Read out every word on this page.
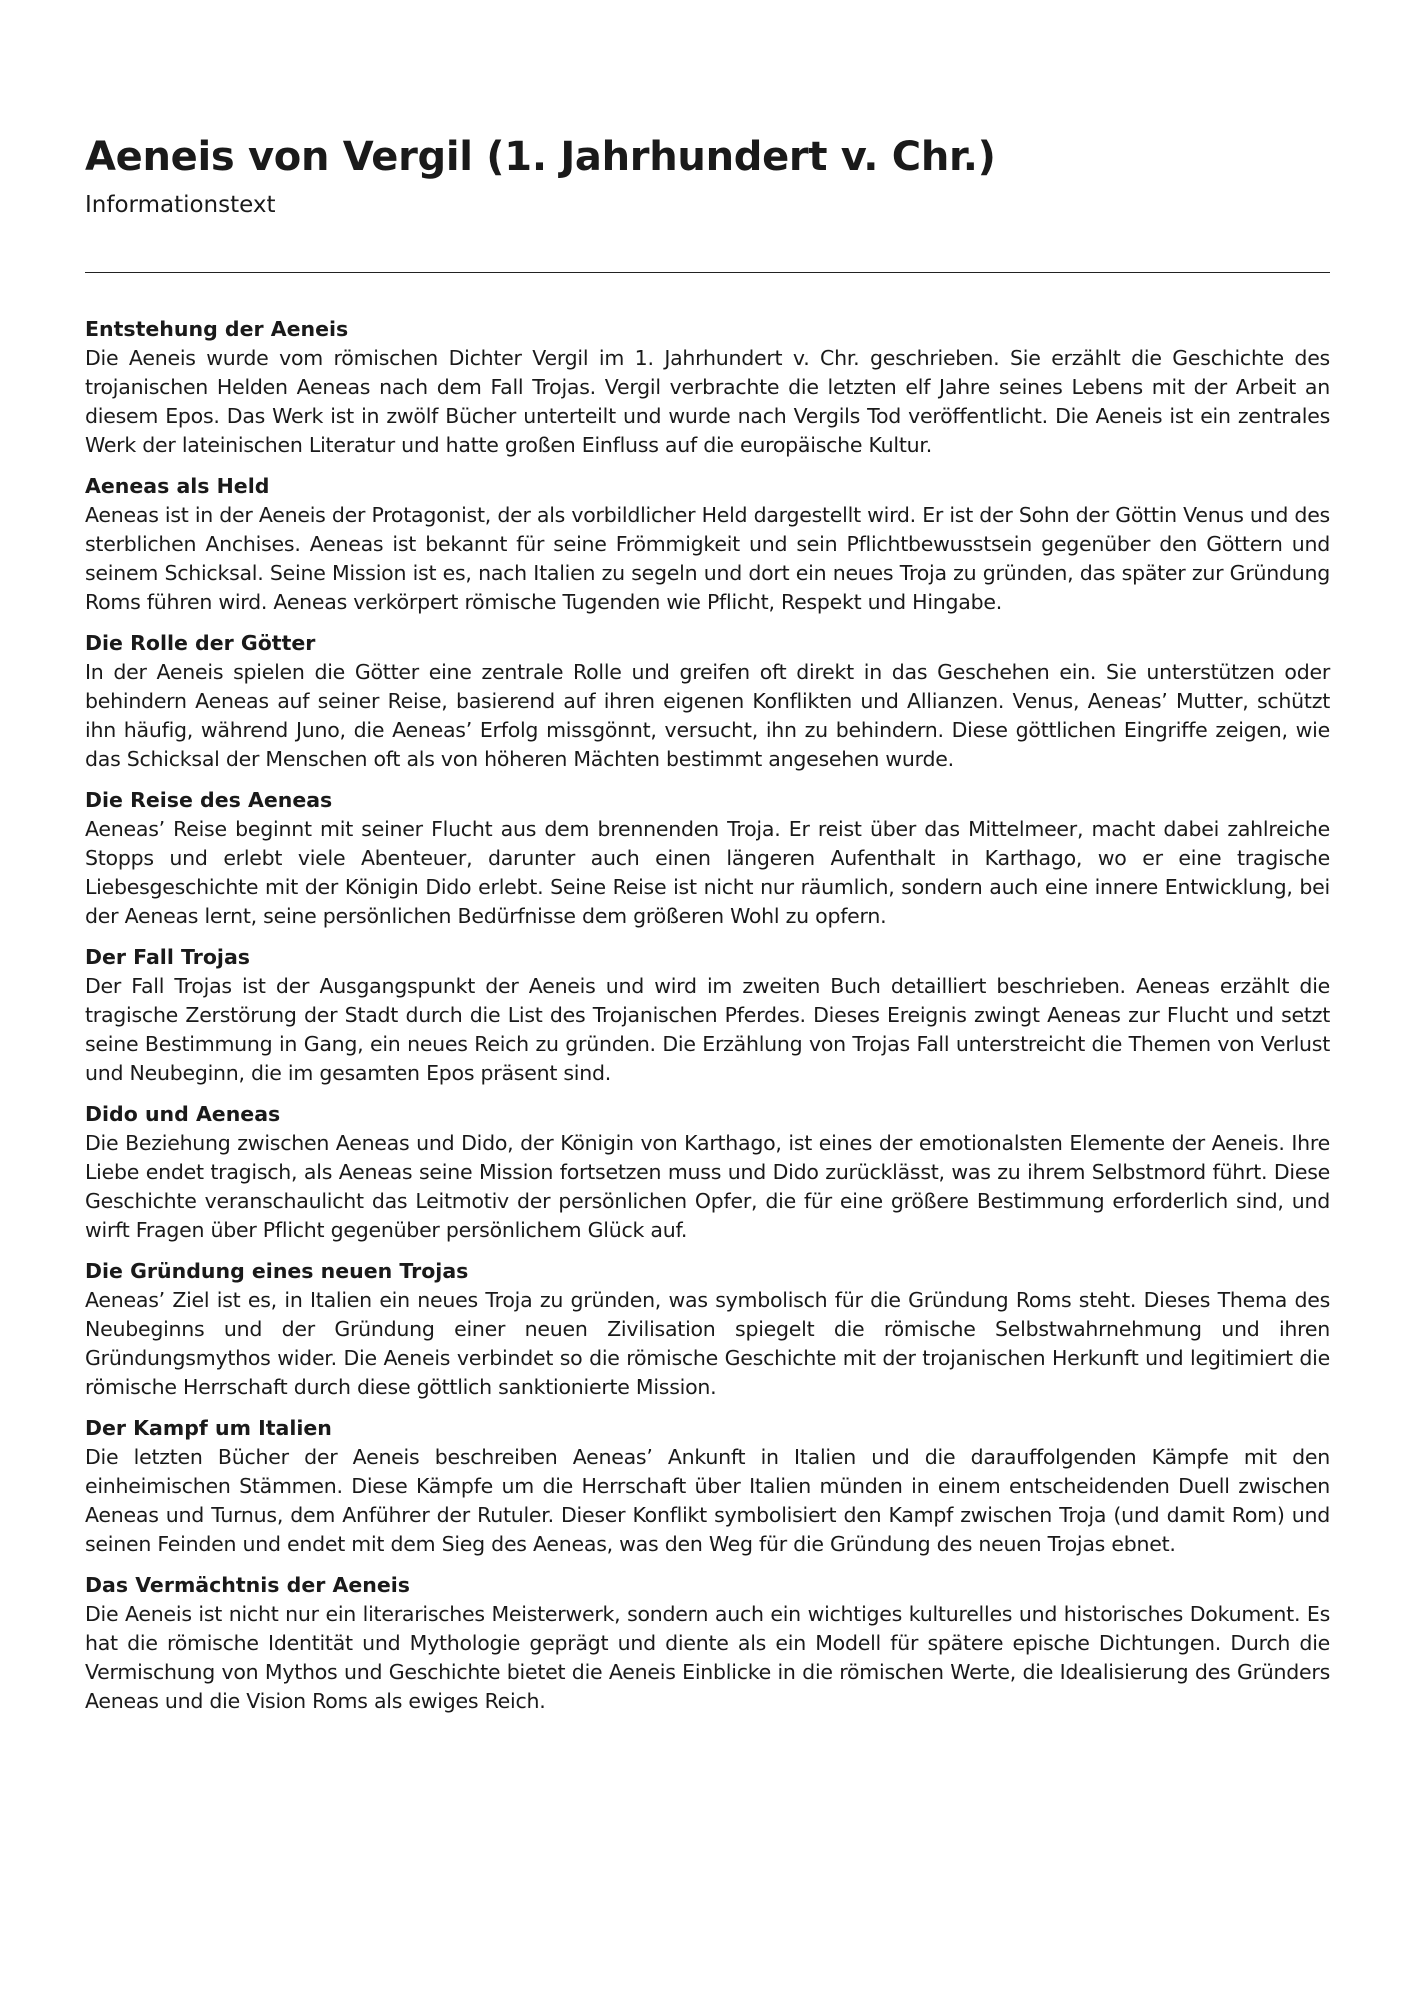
Aeneis von Vergil (1. Jahrhundert v. Chr.)
Informationstext
Entstehung der Aeneis

Die Aeneis wurde vom römischen Dichter Vergil im 1. Jahrhundert v. Chr. geschrieben. Sie erzählt die Geschichte des trojanischen Helden Aeneas nach dem Fall Trojas. Vergil verbrachte die letzten elf Jahre seines Lebens mit der Arbeit an diesem Epos. Das Werk ist in zwölf Bücher unterteilt und wurde nach Vergils Tod veröffentlicht. Die Aeneis ist ein zentrales Werk der lateinischen Literatur und hatte großen Einfluss auf die europäische Kultur.

Aeneas als Held

Aeneas ist in der Aeneis der Protagonist, der als vorbildlicher Held dargestellt wird. Er ist der Sohn der Göttin Venus und des sterblichen Anchises. Aeneas ist bekannt für seine Frömmigkeit und sein Pflichtbewusstsein gegenüber den Göttern und seinem Schicksal. Seine Mission ist es, nach Italien zu segeln und dort ein neues Troja zu gründen, das später zur Gründung Roms führen wird. Aeneas verkörpert römische Tugenden wie Pflicht, Respekt und Hingabe.

Die Rolle der Götter

In der Aeneis spielen die Götter eine zentrale Rolle und greifen oft direkt in das Geschehen ein. Sie unterstützen oder behindern Aeneas auf seiner Reise, basierend auf ihren eigenen Konflikten und Allianzen. Venus, Aeneas’ Mutter, schützt ihn häufig, während Juno, die Aeneas’ Erfolg missgönnt, versucht, ihn zu behindern. Diese göttlichen Eingriffe zeigen, wie das Schicksal der Menschen oft als von höheren Mächten bestimmt angesehen wurde.

Die Reise des Aeneas

Aeneas’ Reise beginnt mit seiner Flucht aus dem brennenden Troja. Er reist über das Mittelmeer, macht dabei zahlreiche Stopps und erlebt viele Abenteuer, darunter auch einen längeren Aufenthalt in Karthago, wo er eine tragische Liebesgeschichte mit der Königin Dido erlebt. Seine Reise ist nicht nur räumlich, sondern auch eine innere Entwicklung, bei der Aeneas lernt, seine persönlichen Bedürfnisse dem größeren Wohl zu opfern.

Der Fall Trojas

Der Fall Trojas ist der Ausgangspunkt der Aeneis und wird im zweiten Buch detailliert beschrieben. Aeneas erzählt die tragische Zerstörung der Stadt durch die List des Trojanischen Pferdes. Dieses Ereignis zwingt Aeneas zur Flucht und setzt seine Bestimmung in Gang, ein neues Reich zu gründen. Die Erzählung von Trojas Fall unterstreicht die Themen von Verlust und Neubeginn, die im gesamten Epos präsent sind.

Dido und Aeneas

Die Beziehung zwischen Aeneas und Dido, der Königin von Karthago, ist eines der emotionalsten Elemente der Aeneis. Ihre Liebe endet tragisch, als Aeneas seine Mission fortsetzen muss und Dido zurücklässt, was zu ihrem Selbstmord führt. Diese Geschichte veranschaulicht das Leitmotiv der persönlichen Opfer, die für eine größere Bestimmung erforderlich sind, und wirft Fragen über Pflicht gegenüber persönlichem Glück auf.

Die Gründung eines neuen Trojas

Aeneas’ Ziel ist es, in Italien ein neues Troja zu gründen, was symbolisch für die Gründung Roms steht. Dieses Thema des Neubeginns und der Gründung einer neuen Zivilisation spiegelt die römische Selbstwahrnehmung und ihren Gründungsmythos wider. Die Aeneis verbindet so die römische Geschichte mit der trojanischen Herkunft und legitimiert die römische Herrschaft durch diese göttlich sanktionierte Mission.

Der Kampf um Italien

Die letzten Bücher der Aeneis beschreiben Aeneas’ Ankunft in Italien und die darauffolgenden Kämpfe mit den einheimischen Stämmen. Diese Kämpfe um die Herrschaft über Italien münden in einem entscheidenden Duell zwischen Aeneas und Turnus, dem Anführer der Rutuler. Dieser Konflikt symbolisiert den Kampf zwischen Troja (und damit Rom) und seinen Feinden und endet mit dem Sieg des Aeneas, was den Weg für die Gründung des neuen Trojas ebnet.

Das Vermächtnis der Aeneis

Die Aeneis ist nicht nur ein literarisches Meisterwerk, sondern auch ein wichtiges kulturelles und historisches Dokument. Es hat die römische Identität und Mythologie geprägt und diente als ein Modell für spätere epische Dichtungen. Durch die Vermischung von Mythos und Geschichte bietet die Aeneis Einblicke in die römischen Werte, die Idealisierung des Gründers Aeneas und die Vision Roms als ewiges Reich.
